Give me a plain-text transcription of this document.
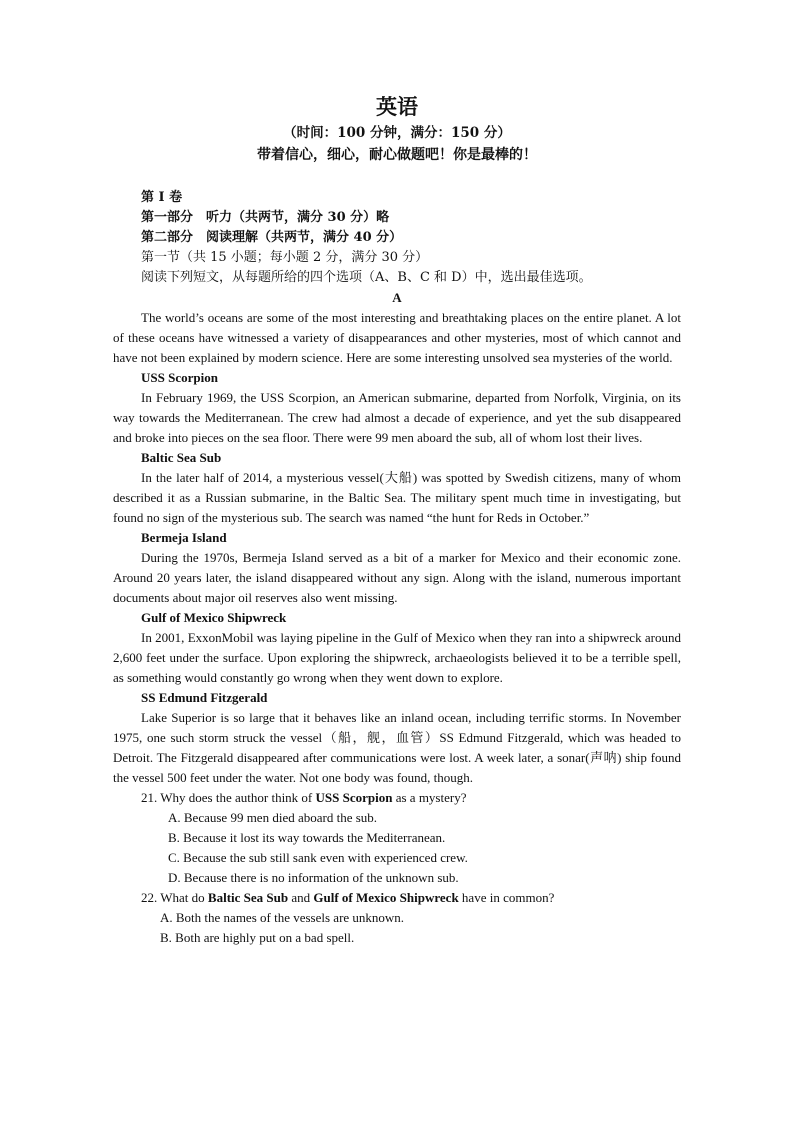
英语
（时间：100 分钟，满分：150 分）
带着信心，细心，耐心做题吧！你是最棒的！

第 I 卷

第一部分　听力（共两节，满分 30 分）略

第二部分　阅读理解（共两节，满分 40 分）

第一节（共 15 小题；每小题 2 分，满分 30 分）

阅读下列短文，从每题所给的四个选项（A、B、C 和 D）中，选出最佳选项。

A

The world’s oceans are some of the most interesting and breathtaking places on the entire planet. A lot of these oceans have witnessed a variety of disappearances and other mysteries, most of which cannot and have not been explained by modern science. Here are some interesting unsolved sea mysteries of the world.

USS Scorpion

In February 1969, the USS Scorpion, an American submarine, departed from Norfolk, Virginia, on its way towards the Mediterranean. The crew had almost a decade of experience, and yet the sub disappeared and broke into pieces on the sea floor. There were 99 men aboard the sub, all of whom lost their lives.

Baltic Sea Sub

In the later half of 2014, a mysterious vessel(大船) was spotted by Swedish citizens, many of whom described it as a Russian submarine, in the Baltic Sea. The military spent much time in investigating, but found no sign of the mysterious sub. The search was named “the hunt for Reds in October.”

Bermeja Island

During the 1970s, Bermeja Island served as a bit of a marker for Mexico and their economic zone. Around 20 years later, the island disappeared without any sign. Along with the island, numerous important documents about major oil reserves also went missing.

Gulf of Mexico Shipwreck

In 2001, ExxonMobil was laying pipeline in the Gulf of Mexico when they ran into a shipwreck around 2,600 feet under the surface. Upon exploring the shipwreck, archaeologists believed it to be a terrible spell, as something would constantly go wrong when they went down to explore.

SS Edmund Fitzgerald

Lake Superior is so large that it behaves like an inland ocean, including terrific storms. In November 1975, one such storm struck the vessel（船，舰，血管）SS Edmund Fitzgerald, which was headed to Detroit. The Fitzgerald disappeared after communications were lost. A week later, a sonar(声呐) ship found the vessel 500 feet under the water. Not one body was found, though.

21. Why does the author think of USS Scorpion as a mystery?

A. Because 99 men died aboard the sub.

B. Because it lost its way towards the Mediterranean.

C. Because the sub still sank even with experienced crew.

D. Because there is no information of the unknown sub.

22. What do Baltic Sea Sub and Gulf of Mexico Shipwreck have in common?

A. Both the names of the vessels are unknown.

B. Both are highly put on a bad spell.
